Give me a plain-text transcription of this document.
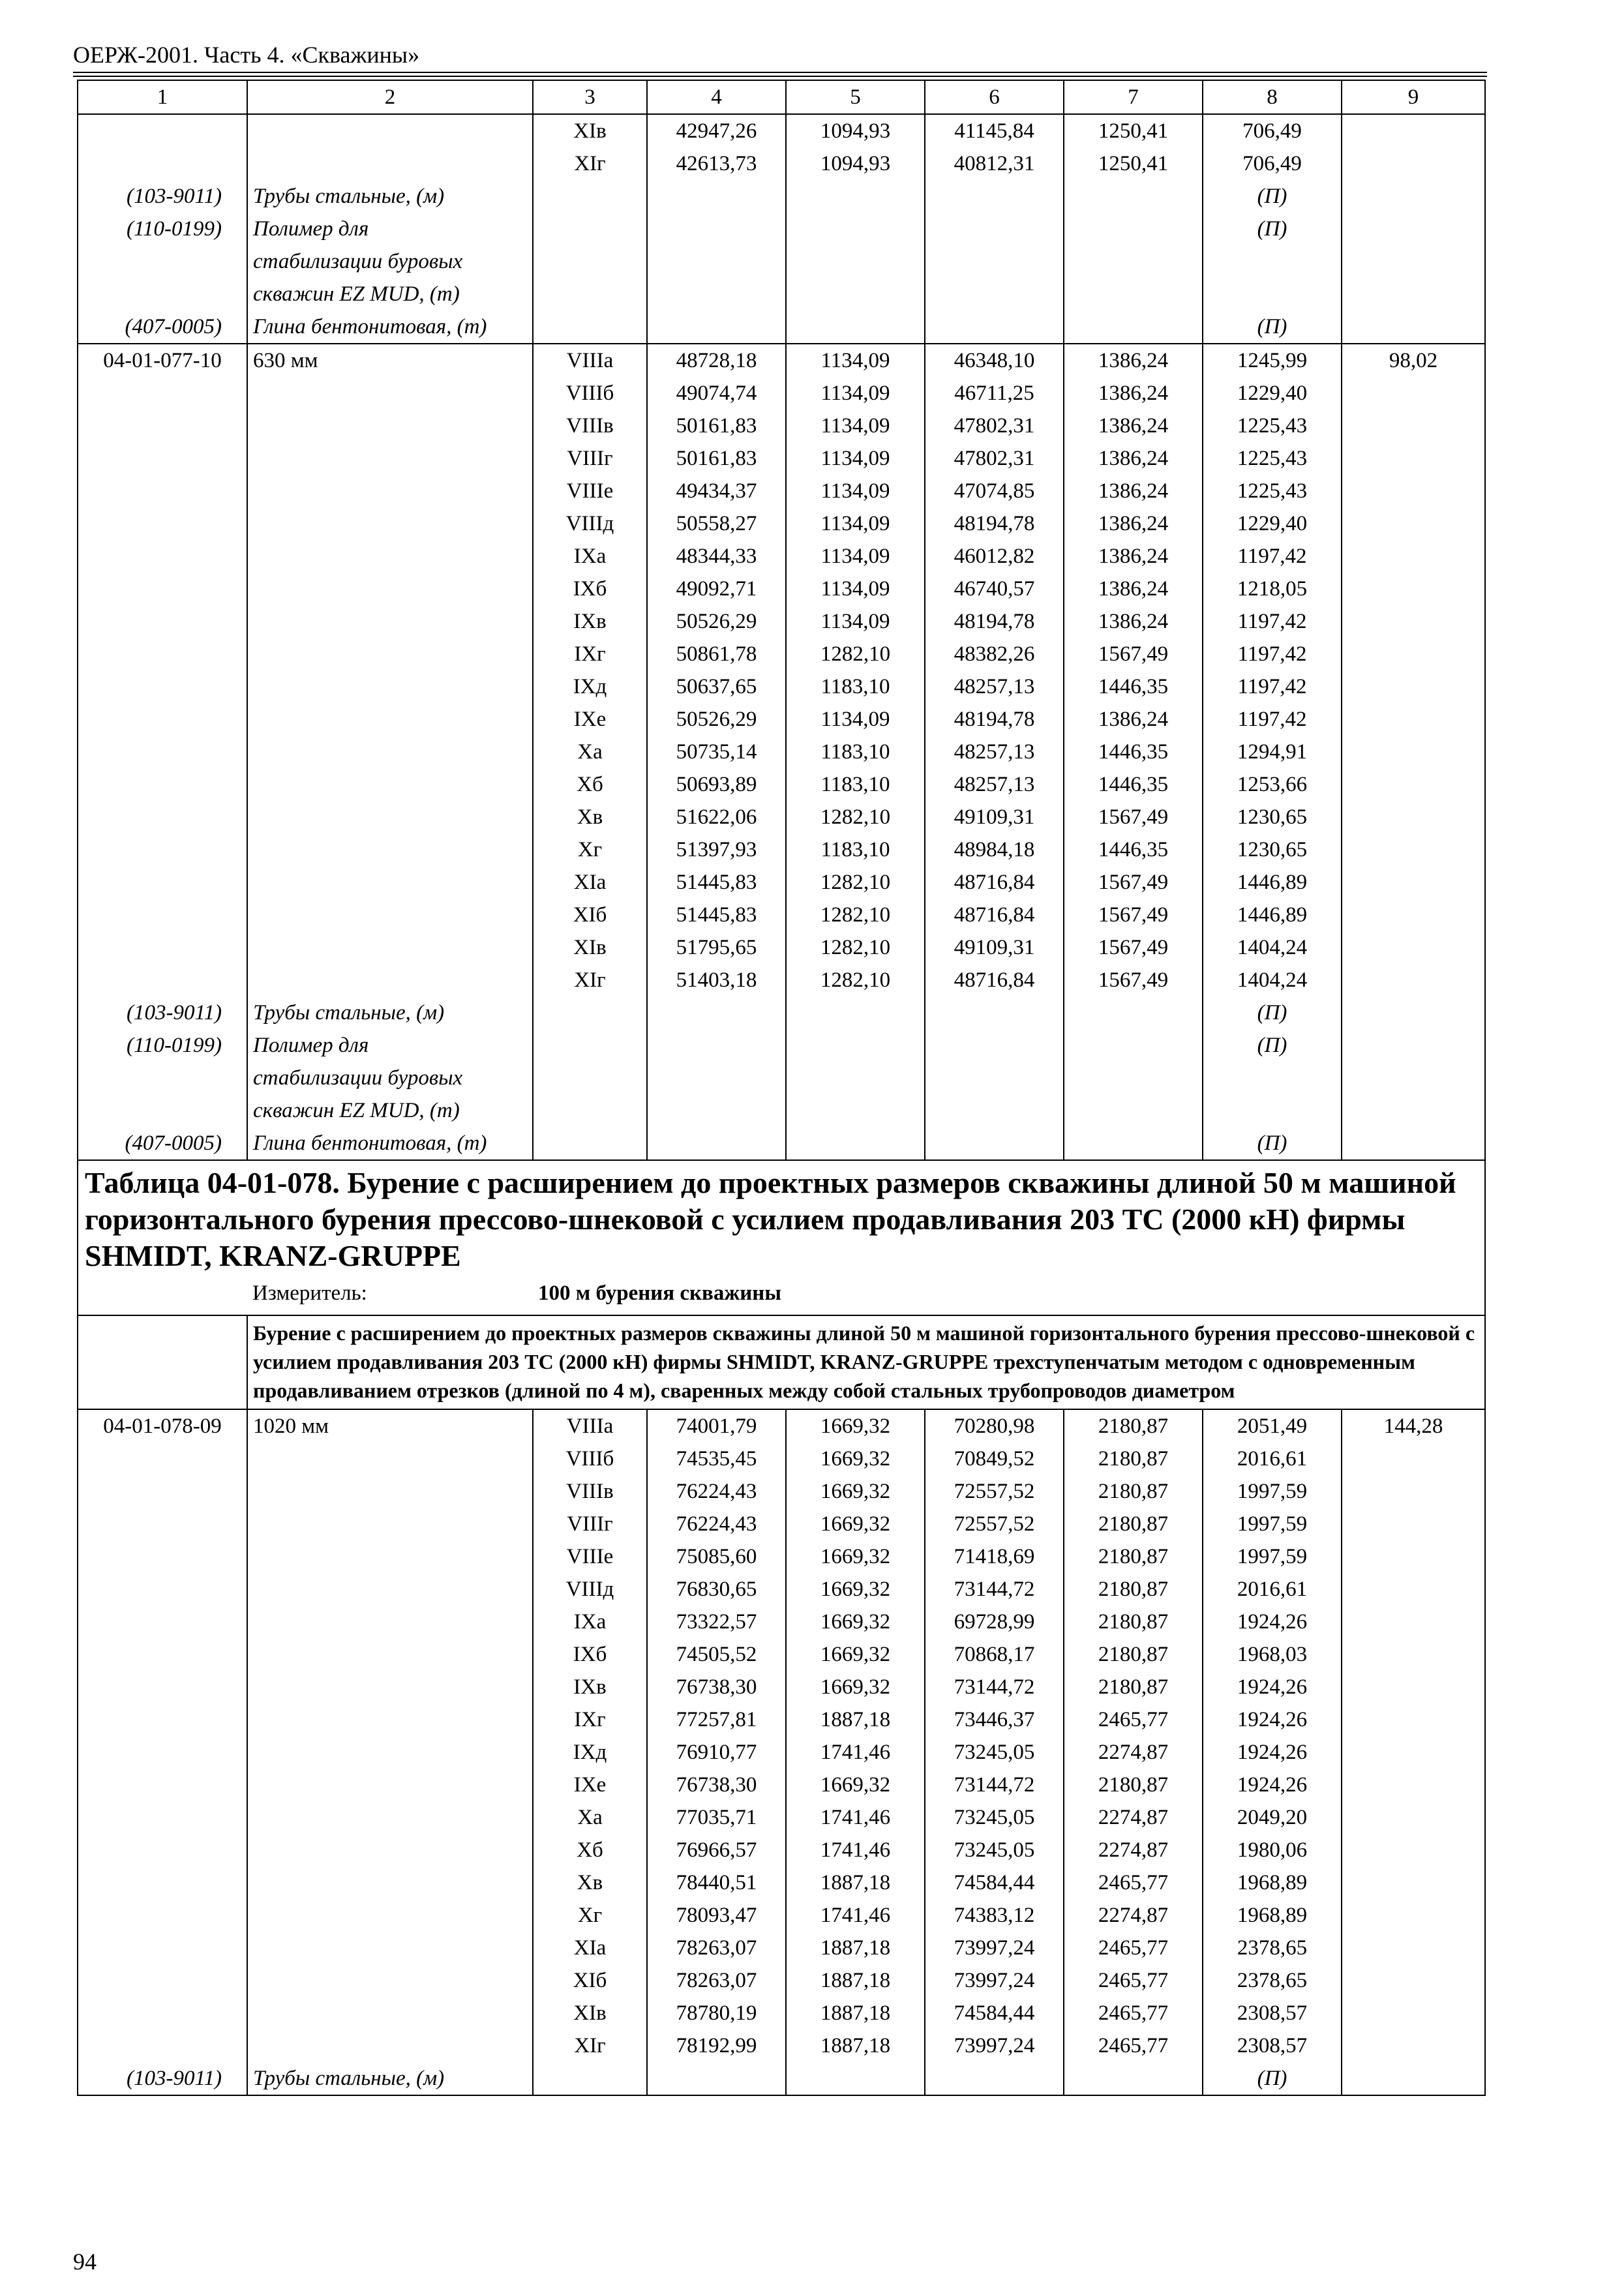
ОЕРЖ-2001. Часть 4. «Скважины»
1	2	3	4	5	6	7	8	9
		XIв	42947,26	1094,93	41145,84	1250,41	706,49	
		XIг	42613,73	1094,93	40812,31	1250,41	706,49	
(103-9011)	Трубы стальные, (м)						(П)	
(110-0199)	Полимер для стабилизации буровых скважин EZ MUD, (т)						(П)	
(407-0005)	Глина бентонитовая, (т)						(П)	
04-01-077-10	630 мм	VIIIа	48728,18	1134,09	46348,10	1386,24	1245,99	98,02
		VIIIб	49074,74	1134,09	46711,25	1386,24	1229,40	
		VIIIв	50161,83	1134,09	47802,31	1386,24	1225,43	
		VIIIг	50161,83	1134,09	47802,31	1386,24	1225,43	
		VIIIе	49434,37	1134,09	47074,85	1386,24	1225,43	
		VIIIд	50558,27	1134,09	48194,78	1386,24	1229,40	
		IXа	48344,33	1134,09	46012,82	1386,24	1197,42	
		IXб	49092,71	1134,09	46740,57	1386,24	1218,05	
		IXв	50526,29	1134,09	48194,78	1386,24	1197,42	
		IXг	50861,78	1282,10	48382,26	1567,49	1197,42	
		IXд	50637,65	1183,10	48257,13	1446,35	1197,42	
		IXе	50526,29	1134,09	48194,78	1386,24	1197,42	
		Xа	50735,14	1183,10	48257,13	1446,35	1294,91	
		Xб	50693,89	1183,10	48257,13	1446,35	1253,66	
		Xв	51622,06	1282,10	49109,31	1567,49	1230,65	
		Xг	51397,93	1183,10	48984,18	1446,35	1230,65	
		XIа	51445,83	1282,10	48716,84	1567,49	1446,89	
		XIб	51445,83	1282,10	48716,84	1567,49	1446,89	
		XIв	51795,65	1282,10	49109,31	1567,49	1404,24	
		XIг	51403,18	1282,10	48716,84	1567,49	1404,24	
(103-9011)	Трубы стальные, (м)						(П)	
(110-0199)	Полимер для стабилизации буровых скважин EZ MUD, (т)						(П)	
(407-0005)	Глина бентонитовая, (т)						(П)	
Таблица 04-01-078. Бурение с расширением до проектных размеров скважины длиной 50 м машиной горизонтального бурения прессово-шнековой с усилием продавливания 203 ТС (2000 кН) фирмы SHMIDT, KRANZ-GRUPPE								
	Измеритель:	100 м бурения скважины						
	Бурение с расширением до проектных размеров скважины длиной 50 м машиной горизонтального бурения прессово-шнековой с усилием продавливания 203 ТС (2000 кН) фирмы SHMIDT, KRANZ-GRUPPE трехступенчатым методом с одновременным продавливанием отрезков (длиной по 4 м), сваренных между собой стальных трубопроводов диаметром							
04-01-078-09	1020 мм	VIIIа	74001,79	1669,32	70280,98	2180,87	2051,49	144,28
		VIIIб	74535,45	1669,32	70849,52	2180,87	2016,61	
		VIIIв	76224,43	1669,32	72557,52	2180,87	1997,59	
		VIIIг	76224,43	1669,32	72557,52	2180,87	1997,59	
		VIIIе	75085,60	1669,32	71418,69	2180,87	1997,59	
		VIIIд	76830,65	1669,32	73144,72	2180,87	2016,61	
		IXа	73322,57	1669,32	69728,99	2180,87	1924,26	
		IXб	74505,52	1669,32	70868,17	2180,87	1968,03	
		IXв	76738,30	1669,32	73144,72	2180,87	1924,26	
		IXг	77257,81	1887,18	73446,37	2465,77	1924,26	
		IXд	76910,77	1741,46	73245,05	2274,87	1924,26	
		IXе	76738,30	1669,32	73144,72	2180,87	1924,26	
		Xа	77035,71	1741,46	73245,05	2274,87	2049,20	
		Xб	76966,57	1741,46	73245,05	2274,87	1980,06	
		Xв	78440,51	1887,18	74584,44	2465,77	1968,89	
		Xг	78093,47	1741,46	74383,12	2274,87	1968,89	
		XIа	78263,07	1887,18	73997,24	2465,77	2378,65	
		XIб	78263,07	1887,18	73997,24	2465,77	2378,65	
		XIв	78780,19	1887,18	74584,44	2465,77	2308,57	
		XIг	78192,99	1887,18	73997,24	2465,77	2308,57	
(103-9011)	Трубы стальные, (м)						(П)	
94
